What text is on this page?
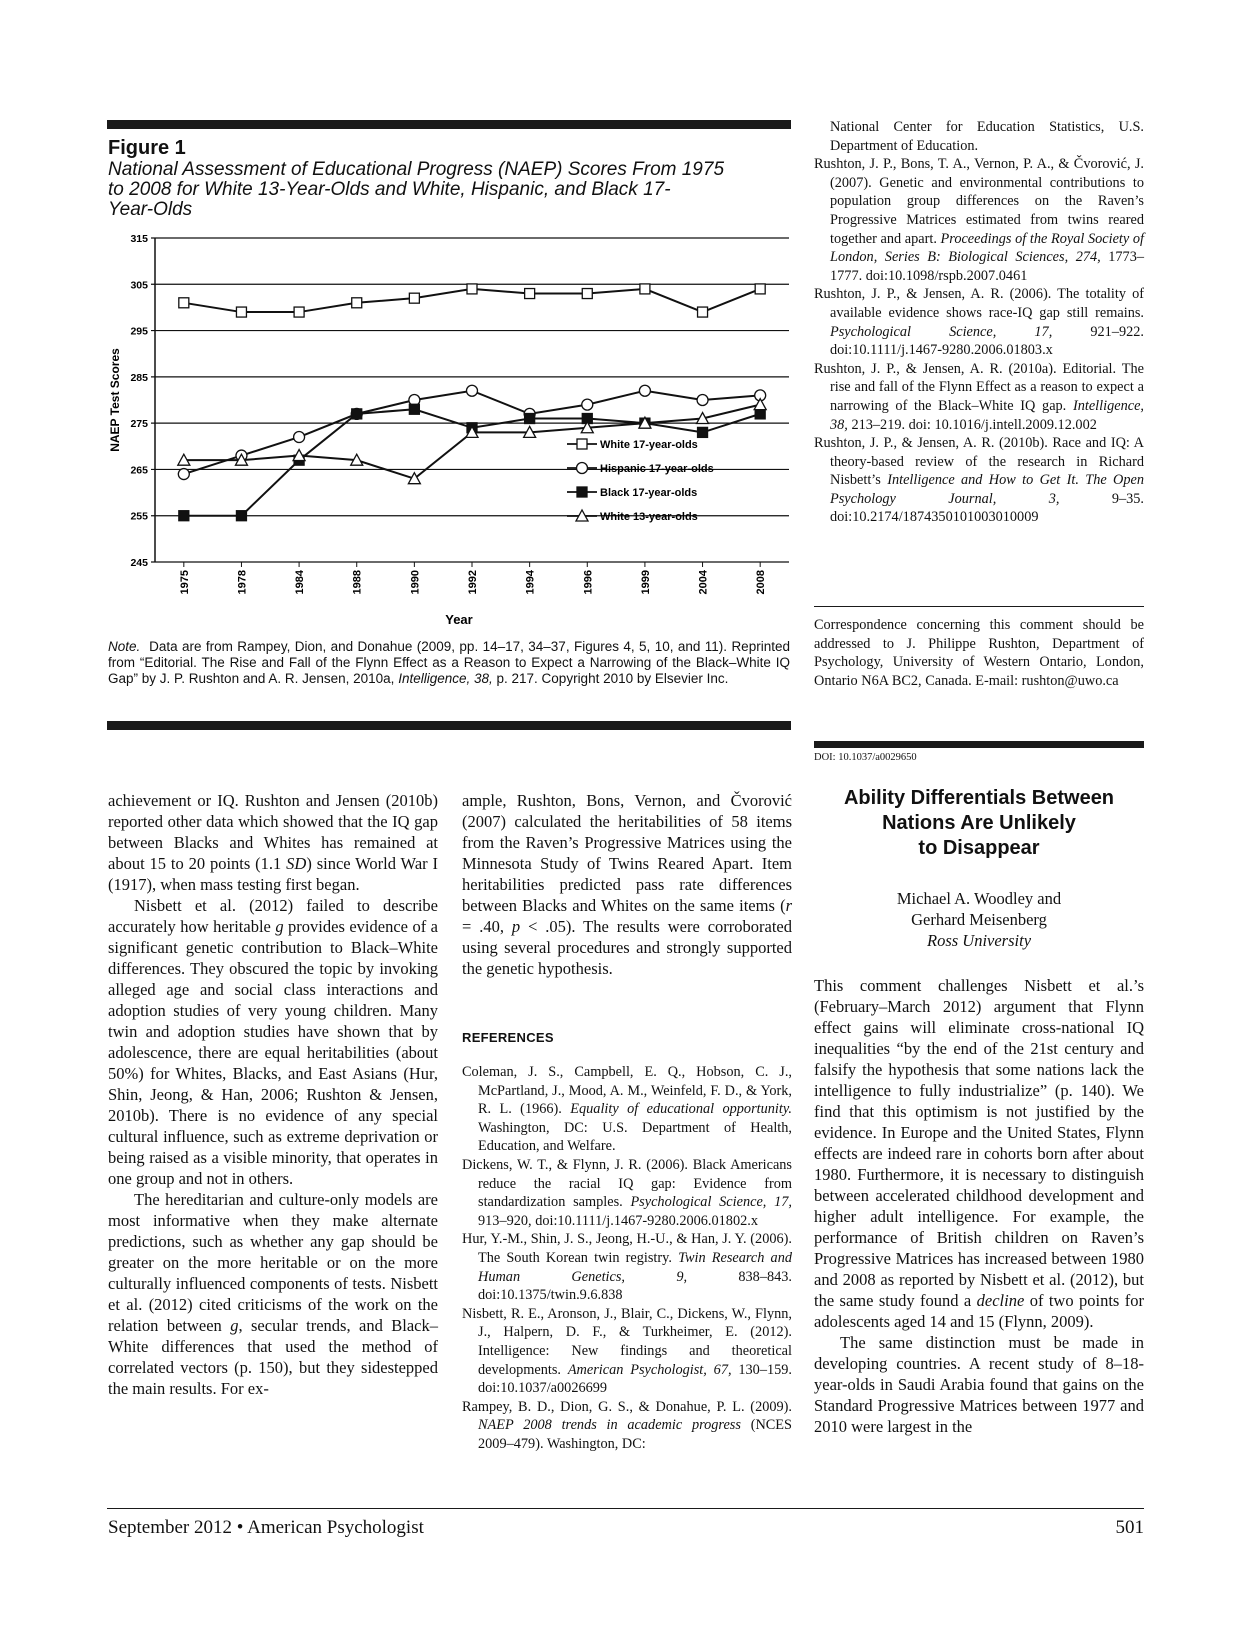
Figure 1
National Assessment of Educational Progress (NAEP) Scores From 1975
to 2008 for White 13-Year-Olds and White, Hispanic, and Black 17-
Year-Olds
315
305
295
285
275
265
255
245
1975	1978	1984	1988	1990	1992	1994	1996	1999	2004	2008
White 17-year-olds
Hispanic 17-year-olds
Black 17-year-olds
White 13-year-olds
NAEP Test Scores
Year
Note. Data are from Rampey, Dion, and Donahue (2009, pp. 14–17, 34–37, Figures 4, 5, 10, and 11). Reprinted from “Editorial. The Rise and Fall of the Flynn Effect as a Reason to Expect a Narrowing of the Black–White IQ Gap” by J. P. Rushton and A. R. Jensen, 2010a, Intelligence, 38, p. 217. Copyright 2010 by Elsevier Inc.

achievement or IQ. Rushton and Jensen (2010b) reported other data which showed that the IQ gap between Blacks and Whites has remained at about 15 to 20 points (1.1 SD) since World War I (1917), when mass testing first began.

Nisbett et al. (2012) failed to describe accurately how heritable g provides evidence of a significant genetic contribution to Black–White differences. They obscured the topic by invoking alleged age and social class interactions and adoption studies of very young children. Many twin and adoption studies have shown that by adolescence, there are equal heritabilities (about 50%) for Whites, Blacks, and East Asians (Hur, Shin, Jeong, & Han, 2006; Rushton & Jensen, 2010b). There is no evidence of any special cultural influence, such as extreme deprivation or being raised as a visible minority, that operates in one group and not in others.

The hereditarian and culture-only models are most informative when they make alternate predictions, such as whether any gap should be greater on the more heritable or on the more culturally influenced components of tests. Nisbett et al. (2012) cited criticisms of the work on the relation between g, secular trends, and Black–White differences that used the method of correlated vectors (p. 150), but they sidestepped the main results. For ex-

ample, Rushton, Bons, Vernon, and Čvorović (2007) calculated the heritabilities of 58 items from the Raven’s Progressive Matrices using the Minnesota Study of Twins Reared Apart. Item heritabilities predicted pass rate differences between Blacks and Whites on the same items (r = .40, p < .05). The results were corroborated using several procedures and strongly supported the genetic hypothesis.

REFERENCES
Coleman, J. S., Campbell, E. Q., Hobson, C. J., McPartland, J., Mood, A. M., Weinfeld, F. D., & York, R. L. (1966). Equality of educational opportunity. Washington, DC: U.S. Department of Health, Education, and Welfare.
Dickens, W. T., & Flynn, J. R. (2006). Black Americans reduce the racial IQ gap: Evidence from standardization samples. Psychological Science, 17, 913–920, doi:10.1111/j.1467-9280.2006.01802.x
Hur, Y.-M., Shin, J. S., Jeong, H.-U., & Han, J. Y. (2006). The South Korean twin registry. Twin Research and Human Genetics, 9, 838–843. doi:10.1375/twin.9.6.838
Nisbett, R. E., Aronson, J., Blair, C., Dickens, W., Flynn, J., Halpern, D. F., & Turkheimer, E. (2012). Intelligence: New findings and theoretical developments. American Psychologist, 67, 130–159. doi:10.1037/a0026699
Rampey, B. D., Dion, G. S., & Donahue, P. L. (2009). NAEP 2008 trends in academic progress (NCES 2009–479). Washington, DC:
National Center for Education Statistics, U.S. Department of Education.
Rushton, J. P., Bons, T. A., Vernon, P. A., & Čvorović, J. (2007). Genetic and environmental contributions to population group differences on the Raven’s Progressive Matrices estimated from twins reared together and apart. Proceedings of the Royal Society of London, Series B: Biological Sciences, 274, 1773–1777. doi:10.1098/rspb.2007.0461
Rushton, J. P., & Jensen, A. R. (2006). The totality of available evidence shows race-IQ gap still remains. Psychological Science, 17, 921–922. doi:10.1111/j.1467-9280.2006.01803.x
Rushton, J. P., & Jensen, A. R. (2010a). Editorial. The rise and fall of the Flynn Effect as a reason to expect a narrowing of the Black–White IQ gap. Intelligence, 38, 213–219. doi: 10.1016/j.intell.2009.12.002
Rushton, J. P., & Jensen, A. R. (2010b). Race and IQ: A theory-based review of the research in Richard Nisbett’s Intelligence and How to Get It. The Open Psychology Journal, 3, 9–35. doi:10.2174/1874350101003010009
Correspondence concerning this comment should be addressed to J. Philippe Rushton, Department of Psychology, University of Western Ontario, London, Ontario N6A BC2, Canada. E-mail: rushton@uwo.ca
DOI: 10.1037/a0029650
Ability Differentials Between
Nations Are Unlikely
to Disappear
Michael A. Woodley and
Gerhard Meisenberg
Ross University

This comment challenges Nisbett et al.’s (February–March 2012) argument that Flynn effect gains will eliminate cross-national IQ inequalities “by the end of the 21st century and falsify the hypothesis that some nations lack the intelligence to fully industrialize” (p. 140). We find that this optimism is not justified by the evidence. In Europe and the United States, Flynn effects are indeed rare in cohorts born after about 1980. Furthermore, it is necessary to distinguish between accelerated childhood development and higher adult intelligence. For example, the performance of British children on Raven’s Progressive Matrices has increased between 1980 and 2008 as reported by Nisbett et al. (2012), but the same study found a decline of two points for adolescents aged 14 and 15 (Flynn, 2009).

The same distinction must be made in developing countries. A recent study of 8–18-year-olds in Saudi Arabia found that gains on the Standard Progressive Matrices between 1977 and 2010 were largest in the

September 2012 • American Psychologist	501
